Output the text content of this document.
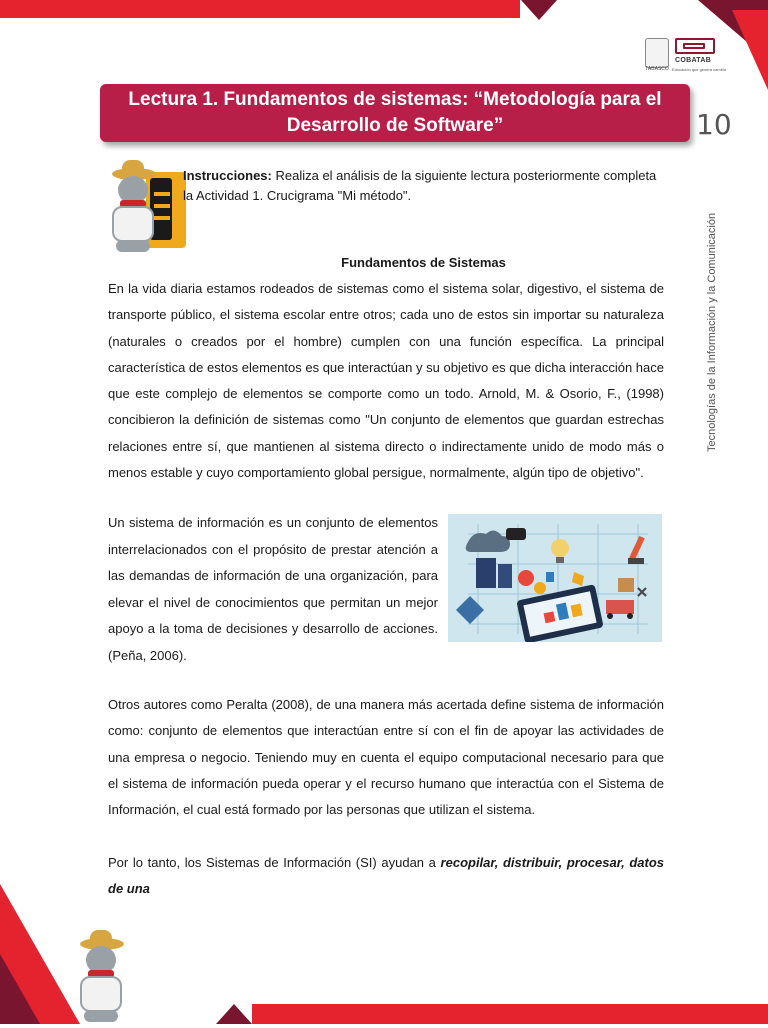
TABASCO
COBATAB
Educación que genera cambio
Lectura 1. Fundamentos de sistemas: “Metodología para el
Desarrollo de Software”	10
Tecnologías de la Información y la Comunicación
Instrucciones: Realiza el análisis de la siguiente lectura posteriormente completa la Actividad 1. Crucigrama "Mi método".
Fundamentos de Sistemas

En la vida diaria estamos rodeados de sistemas como el sistema solar, digestivo, el sistema de transporte público, el sistema escolar entre otros; cada uno de estos sin importar su naturaleza (naturales o creados por el hombre) cumplen con una función específica. La principal característica de estos elementos es que interactúan y su objetivo es que dicha interacción hace que este complejo de elementos se comporte como un todo. Arnold, M. & Osorio, F., (1998) concibieron la definición de sistemas como "Un conjunto de elementos que guardan estrechas relaciones entre sí, que mantienen al sistema directo o indirectamente unido de modo más o menos estable y cuyo comportamiento global persigue, normalmente, algún tipo de objetivo".

Un sistema de información es un conjunto de elementos interrelacionados con el propósito de prestar atención a las demandas de información de una organización, para elevar el nivel de conocimientos que permitan un mejor apoyo a la toma de decisiones y desarrollo de acciones. (Peña, 2006).

Otros autores como Peralta (2008), de una manera más acertada define sistema de información como: conjunto de elementos que interactúan entre sí con el fin de apoyar las actividades de una empresa o negocio. Teniendo muy en cuenta el equipo computacional necesario para que el sistema de información pueda operar y el recurso humano que interactúa con el Sistema de Información, el cual está formado por las personas que utilizan el sistema.

Por lo tanto, los Sistemas de Información (SI) ayudan a recopilar, distribuir, procesar, datos de una
